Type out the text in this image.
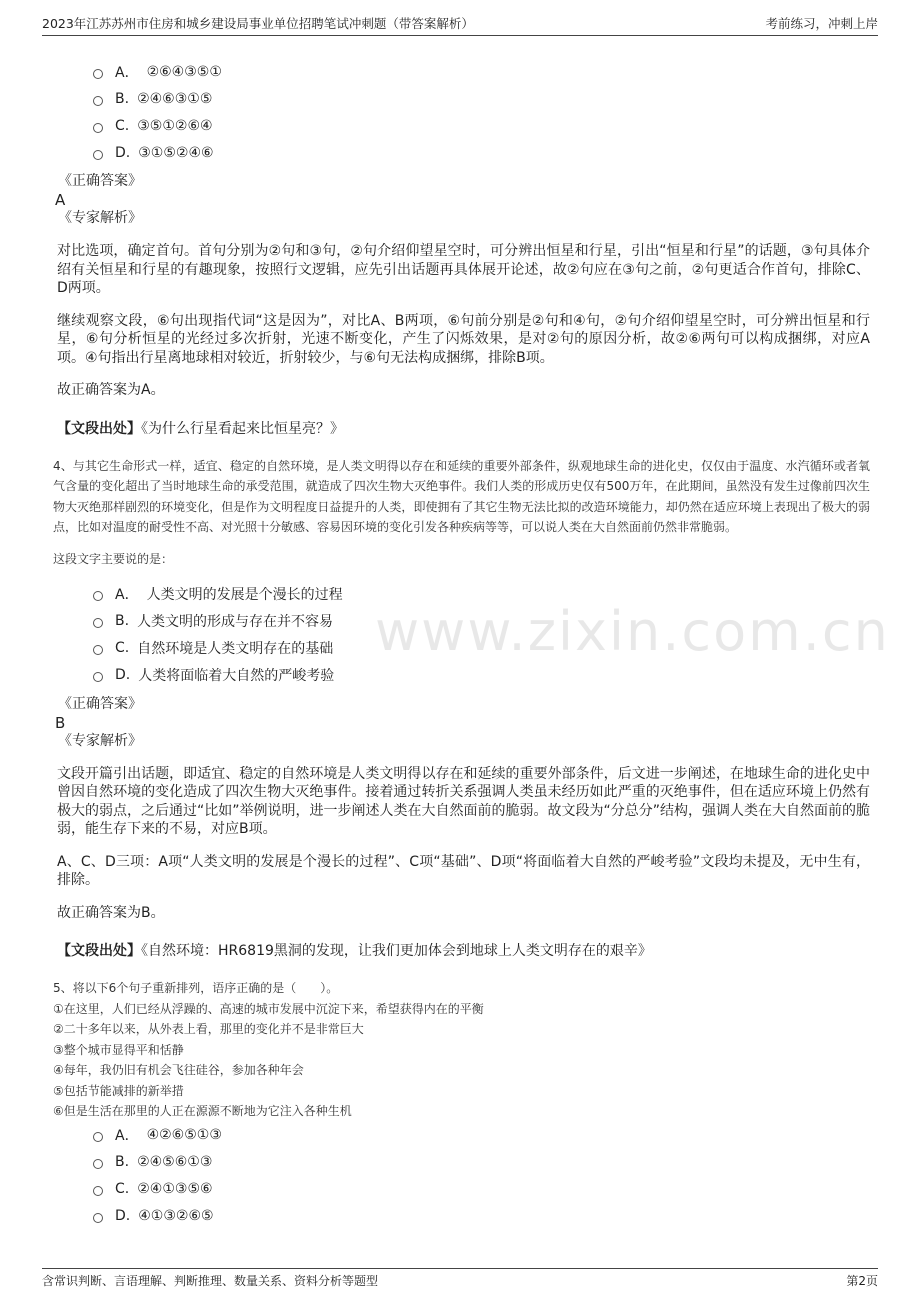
2023年江苏苏州市住房和城乡建设局事业单位招聘笔试冲刺题（带答案解析）	考前练习，冲刺上岸
www.zixin.com.cn
A． ②⑥④③⑤①
B. ②④⑥③①⑤
C. ③⑤①②⑥④
D. ③①⑤②④⑥
《正确答案》
A
《专家解析》
对比选项，确定首句。首句分别为②句和③句，②句介绍仰望星空时，可分辨出恒星和行星，引出“恒星和行星”的话题，③句具体介绍有关恒星和行星的有趣现象，按照行文逻辑，应先引出话题再具体展开论述，故②句应在③句之前，②句更适合作首句，排除C、D两项。
继续观察文段，⑥句出现指代词“这是因为”，对比A、B两项，⑥句前分别是②句和④句，②句介绍仰望星空时，可分辨出恒星和行星，⑥句分析恒星的光经过多次折射，光速不断变化，产生了闪烁效果，是对②句的原因分析，故②⑥两句可以构成捆绑，对应A项。④句指出行星离地球相对较近，折射较少，与⑥句无法构成捆绑，排除B项。
故正确答案为A。
【文段出处】《为什么行星看起来比恒星亮？》
4、与其它生命形式一样，适宜、稳定的自然环境，是人类文明得以存在和延续的重要外部条件，纵观地球生命的进化史，仅仅由于温度、水汽循环或者氧气含量的变化超出了当时地球生命的承受范围，就造成了四次生物大灭绝事件。我们人类的形成历史仅有500万年，在此期间，虽然没有发生过像前四次生物大灭绝那样剧烈的环境变化，但是作为文明程度日益提升的人类，即使拥有了其它生物无法比拟的改造环境能力，却仍然在适应环境上表现出了极大的弱点，比如对温度的耐受性不高、对光照十分敏感、容易因环境的变化引发各种疾病等等，可以说人类在大自然面前仍然非常脆弱。
这段文字主要说的是：
A． 人类文明的发展是个漫长的过程
B. 人类文明的形成与存在并不容易
C. 自然环境是人类文明存在的基础
D. 人类将面临着大自然的严峻考验
《正确答案》
B
《专家解析》
文段开篇引出话题，即适宜、稳定的自然环境是人类文明得以存在和延续的重要外部条件，后文进一步阐述，在地球生命的进化史中曾因自然环境的变化造成了四次生物大灭绝事件。接着通过转折关系强调人类虽未经历如此严重的灭绝事件，但在适应环境上仍然有极大的弱点，之后通过“比如”举例说明，进一步阐述人类在大自然面前的脆弱。故文段为“分总分”结构，强调人类在大自然面前的脆弱，能生存下来的不易，对应B项。
A、C、D三项：A项“人类文明的发展是个漫长的过程”、C项“基础”、D项“将面临着大自然的严峻考验”文段均未提及，无中生有，排除。
故正确答案为B。
【文段出处】《自然环境：HR6819黑洞的发现，让我们更加体会到地球上人类文明存在的艰辛》
5、将以下6个句子重新排列，语序正确的是（　　）。
①在这里，人们已经从浮躁的、高速的城市发展中沉淀下来，希望获得内在的平衡
②二十多年以来，从外表上看，那里的变化并不是非常巨大
③整个城市显得平和恬静
④每年，我仍旧有机会飞往硅谷，参加各种年会
⑤包括节能减排的新举措
⑥但是生活在那里的人正在源源不断地为它注入各种生机
A． ④②⑥⑤①③
B. ②④⑤⑥①③
C. ②④①③⑤⑥
D. ④①③②⑥⑤
含常识判断、言语理解、判断推理、数量关系、资料分析等题型	第2页
